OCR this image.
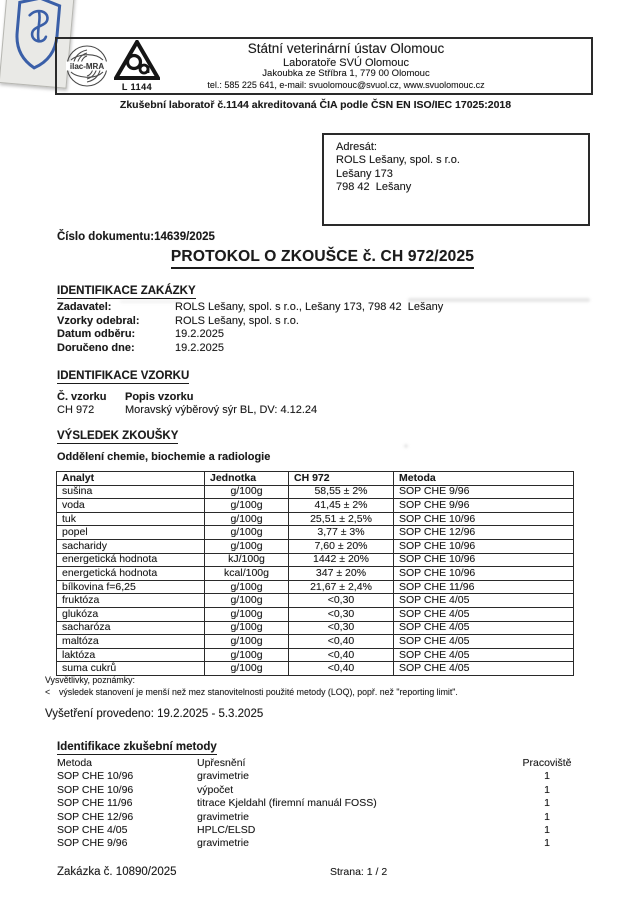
ilac-MRA
L 1144
Státní veterinární ústav Olomouc
Laboratoře SVÚ Olomouc
Jakoubka ze Stříbra 1, 779 00 Olomouc
tel.: 585 225 641, e-mail: svuolomouc@svuol.cz, www.svuolomouc.cz
Zkušební laboratoř č.1144 akreditovaná ČIA podle ČSN EN ISO/IEC 17025:2018
Adresát:
ROLS Lešany, spol. s r.o.
Lešany 173
798 42  Lešany
Číslo dokumentu:14639/2025
PROTOKOL O ZKOUŠCE č. CH 972/2025
IDENTIFIKACE ZAKÁZKY
Zadavatel:	ROLS Lešany, spol. s r.o., Lešany 173, 798 42  Lešany
Vzorky odebral:	ROLS Lešany, spol. s r.o.
Datum odběru:	19.2.2025
Doručeno dne:	19.2.2025
IDENTIFIKACE VZORKU
Č. vzorku	Popis vzorku
CH 972	Moravský výběrový sýr BL, DV: 4.12.24
VÝSLEDEK ZKOUŠKY
Oddělení chemie, biochemie a radiologie
Analyt	Jednotka	CH 972	Metoda
sušina	g/100g	58,55 ± 2%	SOP CHE 9/96
voda	g/100g	41,45 ± 2%	SOP CHE 9/96
tuk	g/100g	25,51 ± 2,5%	SOP CHE 10/96
popel	g/100g	3,77 ± 3%	SOP CHE 12/96
sacharidy	g/100g	7,60 ± 20%	SOP CHE 10/96
energetická hodnota	kJ/100g	1442 ± 20%	SOP CHE 10/96
energetická hodnota	kcal/100g	347 ± 20%	SOP CHE 10/96
bílkovina f=6,25	g/100g	21,67 ± 2,4%	SOP CHE 11/96
fruktóza	g/100g	<0,30	SOP CHE 4/05
glukóza	g/100g	<0,30	SOP CHE 4/05
sacharóza	g/100g	<0,30	SOP CHE 4/05
maltóza	g/100g	<0,40	SOP CHE 4/05
laktóza	g/100g	<0,40	SOP CHE 4/05
suma cukrů	g/100g	<0,40	SOP CHE 4/05
Vysvětlivky, poznámky:
<	výsledek stanovení je menší než mez stanovitelnosti použité metody (LOQ), popř. než "reporting limit".
Vyšetření provedeno: 19.2.2025 - 5.3.2025
Identifikace zkušební metody
Metoda	Upřesnění	Pracoviště
SOP CHE 10/96	gravimetrie	1
SOP CHE 10/96	výpočet	1
SOP CHE 11/96	titrace Kjeldahl (firemní manuál FOSS)	1
SOP CHE 12/96	gravimetrie	1
SOP CHE 4/05	HPLC/ELSD	1
SOP CHE 9/96	gravimetrie	1
Zakázka č. 10890/2025	Strana: 1 / 2
